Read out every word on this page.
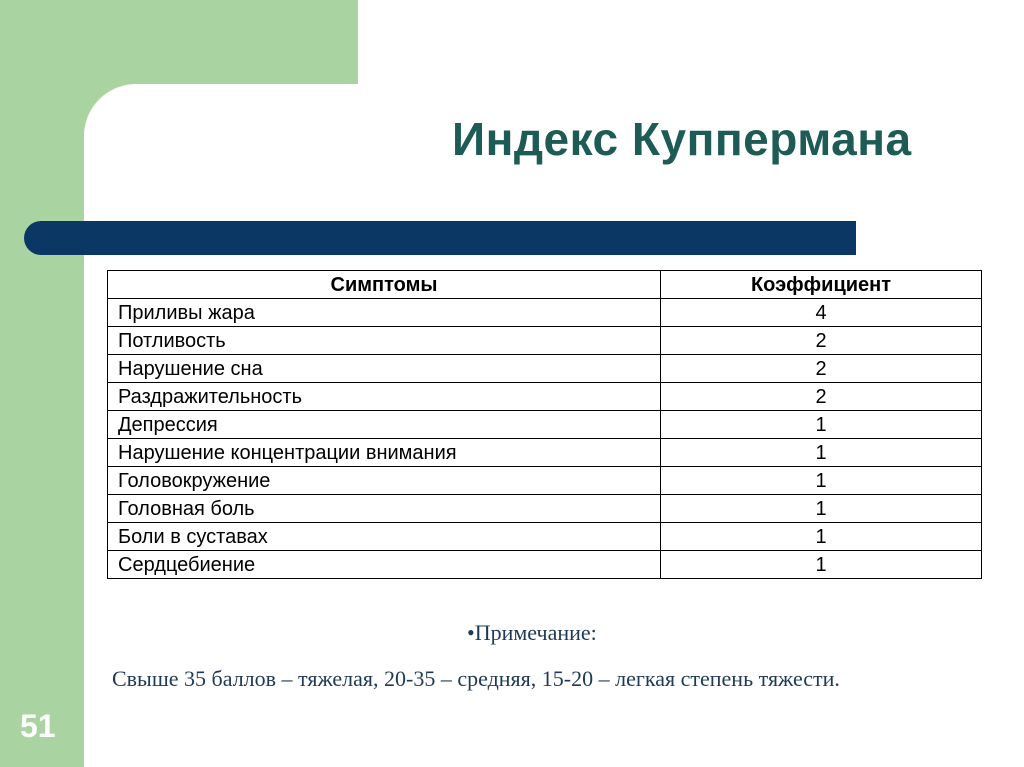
Индекс Куппермана
Симптомы	Коэффициент
Приливы жара	4
Потливость	2
Нарушение сна	2
Раздражительность	2
Депрессия	1
Нарушение концентрации внимания	1
Головокружение	1
Головная боль	1
Боли в суставах	1
Сердцебиение	1
•Примечание:
Свыше 35 баллов – тяжелая, 20-35 – средняя, 15-20 – легкая степень тяжести.
51
